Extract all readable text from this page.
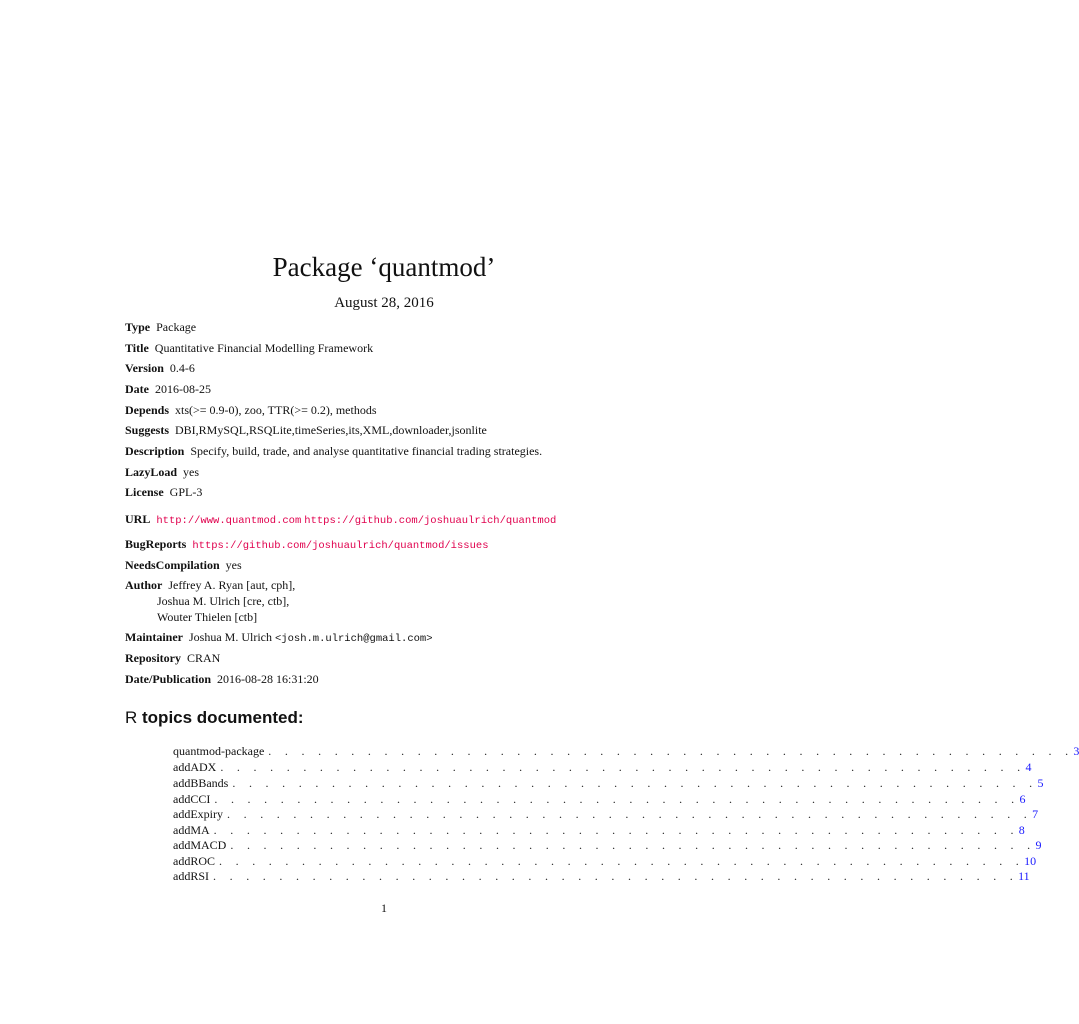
Package ‘quantmod’
August 28, 2016
Type Package
Title Quantitative Financial Modelling Framework
Version 0.4-6
Date 2016-08-25
Depends xts(>= 0.9-0), zoo, TTR(>= 0.2), methods
Suggests DBI,RMySQL,RSQLite,timeSeries,its,XML,downloader,jsonlite
Description Specify, build, trade, and analyse quantitative financial trading strategies.
LazyLoad yes
License GPL-3
URL http://www.quantmod.com https://github.com/joshuaulrich/quantmod
BugReports https://github.com/joshuaulrich/quantmod/issues
NeedsCompilation yes
Author Jeffrey A. Ryan [aut, cph],
Joshua M. Ulrich [cre, ctb],
Wouter Thielen [ctb]
Maintainer Joshua M. Ulrich <josh.m.ulrich@gmail.com>
Repository CRAN
Date/Publication 2016-08-28 16:31:20
R topics documented:
quantmod-package . . . . . . . . . . . . . . . . . . . . . . . . . . . . . . . . . . . . . . . . . . . . . . . . . 3
addADX . . . . . . . . . . . . . . . . . . . . . . . . . . . . . . . . . . . . . . . . . . . . . . . . . 4
addBBands . . . . . . . . . . . . . . . . . . . . . . . . . . . . . . . . . . . . . . . . . . . . . . . . . 5
addCCI . . . . . . . . . . . . . . . . . . . . . . . . . . . . . . . . . . . . . . . . . . . . . . . . . 6
addExpiry . . . . . . . . . . . . . . . . . . . . . . . . . . . . . . . . . . . . . . . . . . . . . . . . . 7
addMA . . . . . . . . . . . . . . . . . . . . . . . . . . . . . . . . . . . . . . . . . . . . . . . . . 8
addMACD . . . . . . . . . . . . . . . . . . . . . . . . . . . . . . . . . . . . . . . . . . . . . . . . . 9
addROC . . . . . . . . . . . . . . . . . . . . . . . . . . . . . . . . . . . . . . . . . . . . . . . . . 10
addRSI . . . . . . . . . . . . . . . . . . . . . . . . . . . . . . . . . . . . . . . . . . . . . . . . . 11
1
